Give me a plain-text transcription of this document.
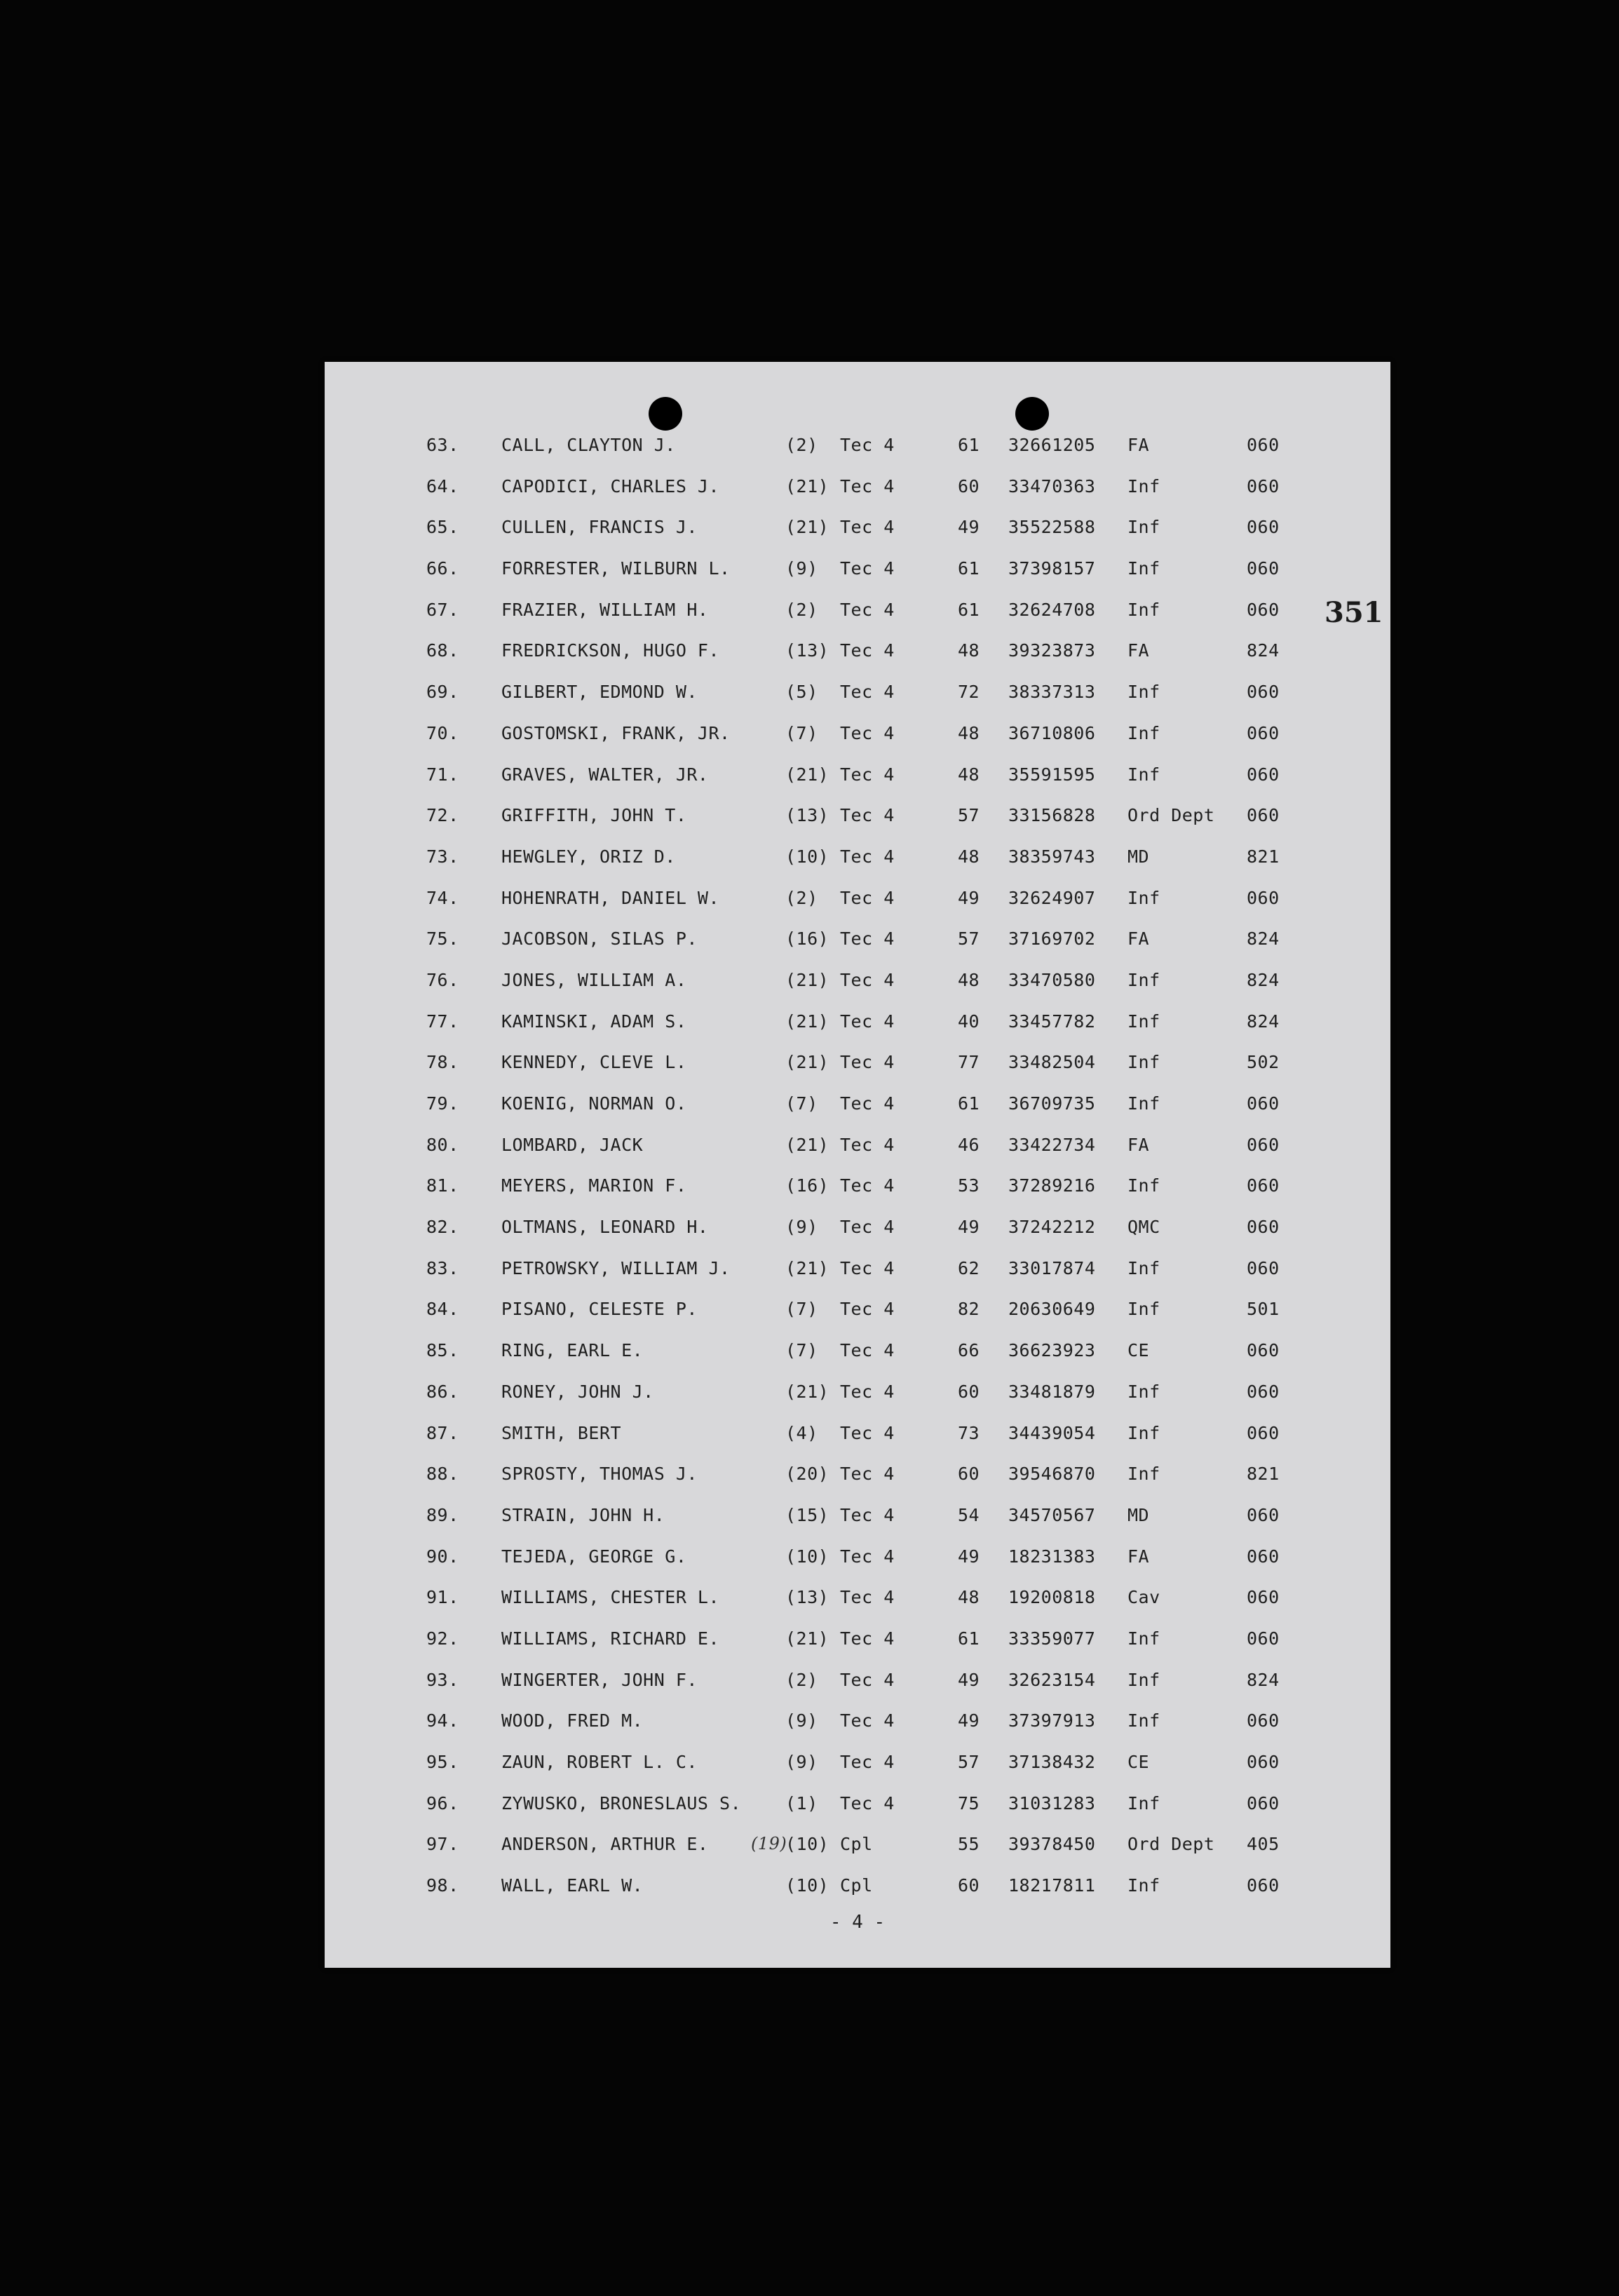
351
63. CALL, CLAYTON J.	(2) Tec 4	61 32661205 FA	060
64. CAPODICI, CHARLES J.	(21) Tec 4	60 33470363 Inf	060
65. CULLEN, FRANCIS J.	(21) Tec 4	49 35522588 Inf	060
66. FORRESTER, WILBURN L.	(9) Tec 4	61 37398157 Inf	060
67. FRAZIER, WILLIAM H.	(2) Tec 4	61 32624708 Inf	060
68. FREDRICKSON, HUGO F.	(13) Tec 4	48 39323873 FA	824
69. GILBERT, EDMOND W.	(5) Tec 4	72 38337313 Inf	060
70. GOSTOMSKI, FRANK, JR.	(7) Tec 4	48 36710806 Inf	060
71. GRAVES, WALTER, JR.	(21) Tec 4	48 35591595 Inf	060
72. GRIFFITH, JOHN T.	(13) Tec 4	57 33156828 Ord Dept 060
73. HEWGLEY, ORIZ D.	(10) Tec 4	48 38359743 MD	821
74. HOHENRATH, DANIEL W.	(2) Tec 4	49 32624907 Inf	060
75. JACOBSON, SILAS P.	(16) Tec 4	57 37169702 FA	824
76. JONES, WILLIAM A.	(21) Tec 4	48 33470580 Inf	824
77. KAMINSKI, ADAM S.	(21) Tec 4	40 33457782 Inf	824
78. KENNEDY, CLEVE L.	(21) Tec 4	77 33482504 Inf	502
79. KOENIG, NORMAN O.	(7) Tec 4	61 36709735 Inf	060
80. LOMBARD, JACK	(21) Tec 4	46 33422734 FA	060
81. MEYERS, MARION F.	(16) Tec 4	53 37289216 Inf	060
82. OLTMANS, LEONARD H.	(9) Tec 4	49 37242212 QMC	060
83. PETROWSKY, WILLIAM J.	(21) Tec 4	62 33017874 Inf	060
84. PISANO, CELESTE P.	(7) Tec 4	82 20630649 Inf	501
85. RING, EARL E.	(7) Tec 4	66 36623923 CE	060
86. RONEY, JOHN J.	(21) Tec 4	60 33481879 Inf	060
87. SMITH, BERT	(4) Tec 4	73 34439054 Inf	060
88. SPROSTY, THOMAS J.	(20) Tec 4	60 39546870 Inf	821
89. STRAIN, JOHN H.	(15) Tec 4	54 34570567 MD	060
90. TEJEDA, GEORGE G.	(10) Tec 4	49 18231383 FA	060
91. WILLIAMS, CHESTER L.	(13) Tec 4	48 19200818 Cav	060
92. WILLIAMS, RICHARD E.	(21) Tec 4	61 33359077 Inf	060
93. WINGERTER, JOHN F.	(2) Tec 4	49 32623154 Inf	824
94. WOOD, FRED M.	(9) Tec 4	49 37397913 Inf	060
95. ZAUN, ROBERT L. C.	(9) Tec 4	57 37138432 CE	060
96. ZYWUSKO, BRONESLAUS S.	(1) Tec 4	75 31031283 Inf	060
97. ANDERSON, ARTHUR E.	(10) Cpl	55 39378450 Ord Dept 405
(19)
98. WALL, EARL W.	(10) Cpl	60 18217811 Inf	060
- 4 -
